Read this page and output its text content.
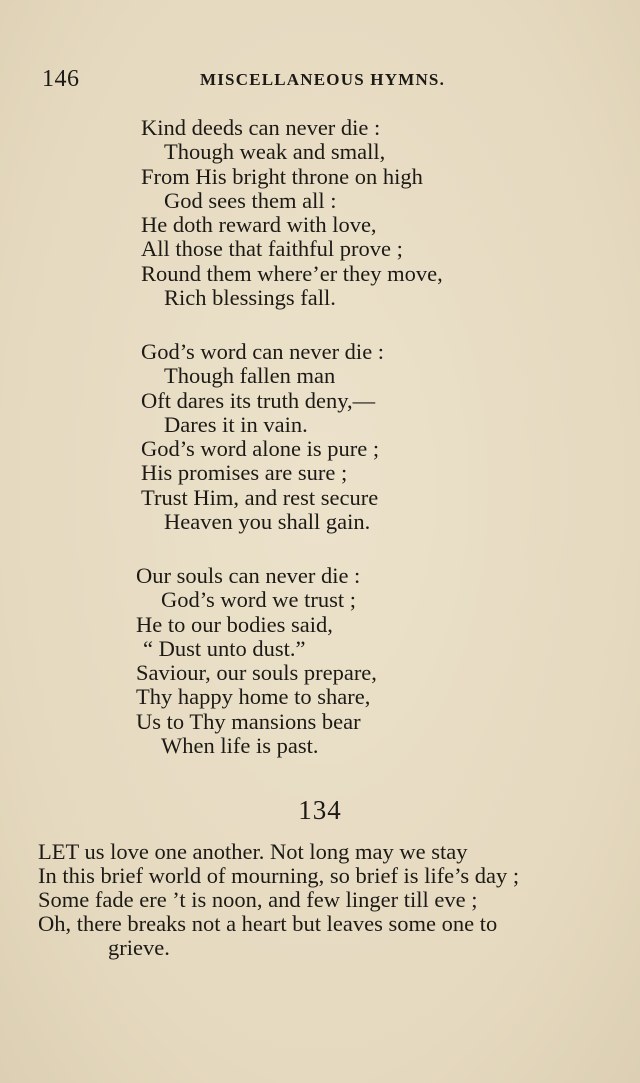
146	MISCELLANEOUS HYMNS.
Kind deeds can never die :
Though weak and small,
From His bright throne on high
God sees them all :
He doth reward with love,
All those that faithful prove ;
Round them where’er they move,
Rich blessings fall.
God’s word can never die :
Though fallen man
Oft dares its truth deny,—
Dares it in vain.
God’s word alone is pure ;
His promises are sure ;
Trust Him, and rest secure
Heaven you shall gain.
Our souls can never die :
God’s word we trust ;
He to our bodies said,
“ Dust unto dust.”
Saviour, our souls prepare,
Thy happy home to share,
Us to Thy mansions bear
When life is past.
134
LET us love one another. Not long may we stay
In this brief world of mourning, so brief is life’s day ;
Some fade ere ’t is noon, and few linger till eve ;
Oh, there breaks not a heart but leaves some one to
grieve.
